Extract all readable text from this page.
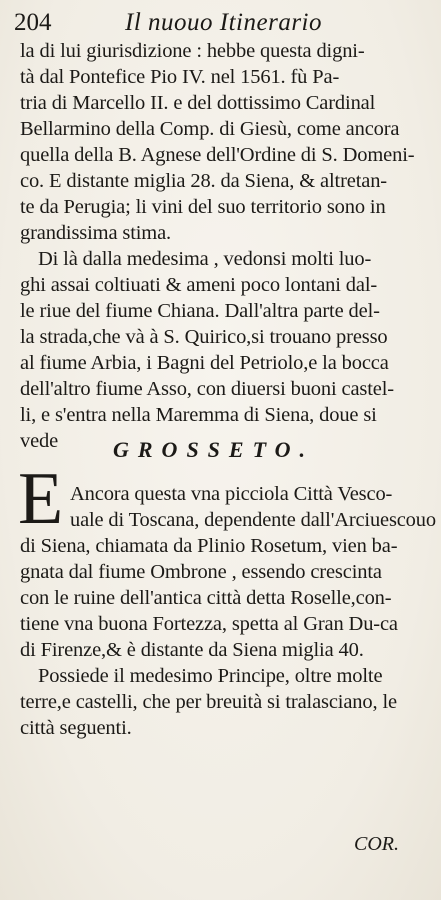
204	Il nuouo Itinerario
la di lui giurisdizione : hebbe questa digni-
tà dal Pontefice Pio IV. nel 1561. fù Pa-
tria di Marcello II. e del dottissimo Cardinal
Bellarmino della Comp. di Giesù, come ancora
quella della B. Agnese dell'Ordine di S. Domeni-
co. E distante miglia 28. da Siena, & altretan-
te da Perugia; li vini del suo territorio sono in
grandissima stima.
Di là dalla medesima , vedonsi molti luo-
ghi assai coltiuati & ameni poco lontani dal-
le riue del fiume Chiana. Dall'altra parte del-
la strada,che và à S. Quirico,si trouano presso
al fiume Arbia, i Bagni del Petriolo,e la bocca
dell'altro fiume Asso, con diuersi buoni castel-
li, e s'entra nella Maremma di Siena, doue si
vede GROSSETO.
E Ancora questa vna picciola Città Vesco-
uale di Toscana, dependente dall'Arciuescouo
di Siena, chiamata da Plinio Rosetum, vien ba-
gnata dal fiume Ombrone , essendo crescinta
con le ruine dell'antica città detta Roselle,con-
tiene vna buona Fortezza, spetta al Gran Du-ca
di Firenze,& è distante da Siena miglia 40.
Possiede il medesimo Principe, oltre molte
terre,e castelli, che per breuità si tralasciano, le
città seguenti.
COR.
